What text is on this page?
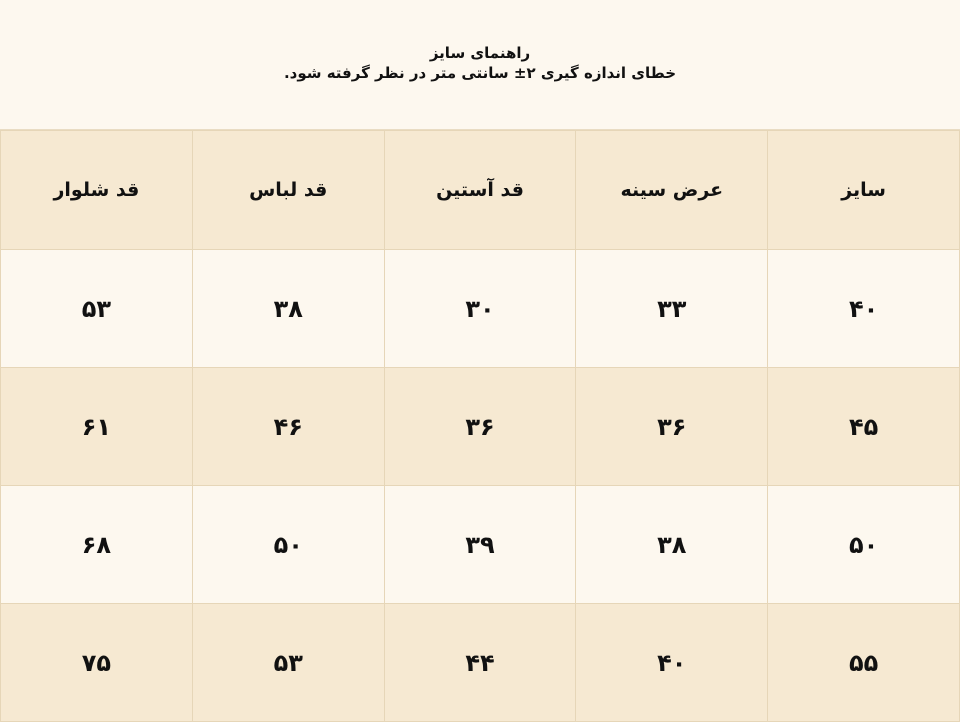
راهنمای سایز
خطای اندازه گیری ۲± سانتی متر در نظر گرفته شود.
سایز	عرض سینه	قد آستین	قد لباس	قد شلوار
۴۰	۳۳	۳۰	۳۸	۵۳
۴۵	۳۶	۳۶	۴۶	۶۱
۵۰	۳۸	۳۹	۵۰	۶۸
۵۵	۴۰	۴۴	۵۳	۷۵
